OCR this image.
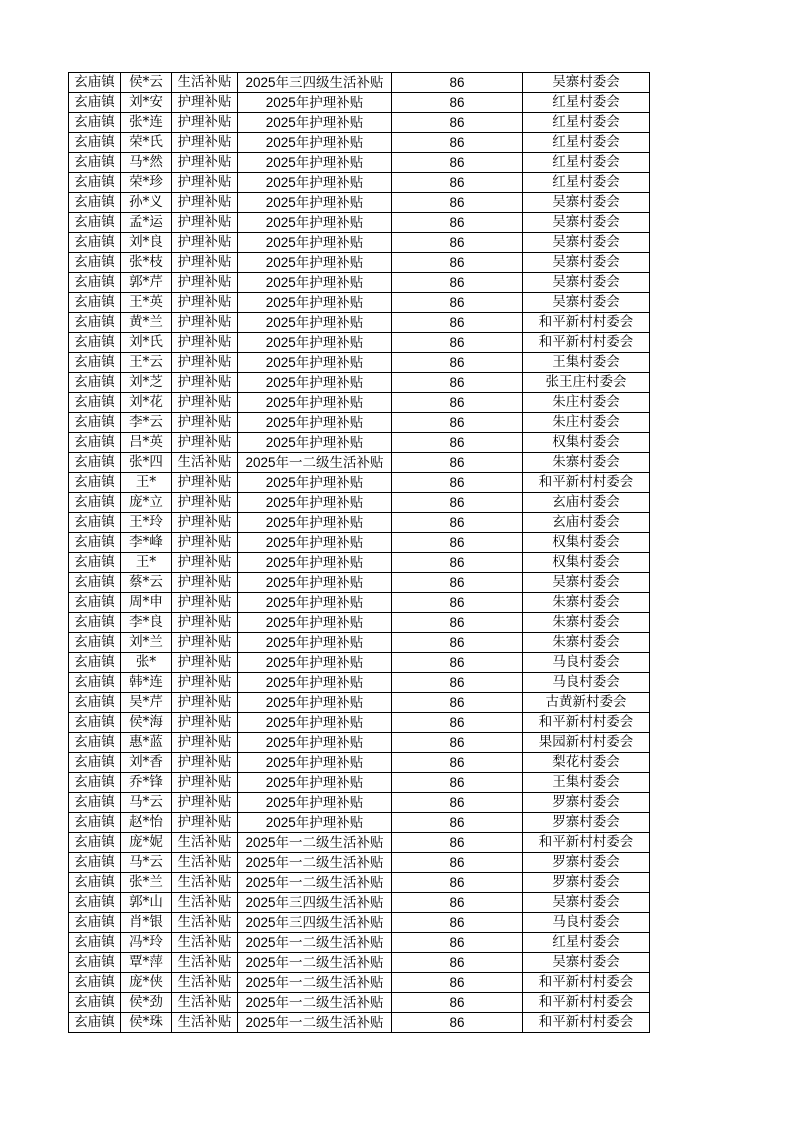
玄庙镇	侯*云	生活补贴	2025年三四级生活补贴	86	吴寨村委会
玄庙镇	刘*安	护理补贴	2025年护理补贴	86	红星村委会
玄庙镇	张*连	护理补贴	2025年护理补贴	86	红星村委会
玄庙镇	荣*氏	护理补贴	2025年护理补贴	86	红星村委会
玄庙镇	马*然	护理补贴	2025年护理补贴	86	红星村委会
玄庙镇	荣*珍	护理补贴	2025年护理补贴	86	红星村委会
玄庙镇	孙*义	护理补贴	2025年护理补贴	86	吴寨村委会
玄庙镇	孟*运	护理补贴	2025年护理补贴	86	吴寨村委会
玄庙镇	刘*良	护理补贴	2025年护理补贴	86	吴寨村委会
玄庙镇	张*枝	护理补贴	2025年护理补贴	86	吴寨村委会
玄庙镇	郭*芹	护理补贴	2025年护理补贴	86	吴寨村委会
玄庙镇	王*英	护理补贴	2025年护理补贴	86	吴寨村委会
玄庙镇	黄*兰	护理补贴	2025年护理补贴	86	和平新村村委会
玄庙镇	刘*氏	护理补贴	2025年护理补贴	86	和平新村村委会
玄庙镇	王*云	护理补贴	2025年护理补贴	86	王集村委会
玄庙镇	刘*芝	护理补贴	2025年护理补贴	86	张王庄村委会
玄庙镇	刘*花	护理补贴	2025年护理补贴	86	朱庄村委会
玄庙镇	李*云	护理补贴	2025年护理补贴	86	朱庄村委会
玄庙镇	吕*英	护理补贴	2025年护理补贴	86	权集村委会
玄庙镇	张*四	生活补贴	2025年一二级生活补贴	86	朱寨村委会
玄庙镇	王*	护理补贴	2025年护理补贴	86	和平新村村委会
玄庙镇	庞*立	护理补贴	2025年护理补贴	86	玄庙村委会
玄庙镇	王*玲	护理补贴	2025年护理补贴	86	玄庙村委会
玄庙镇	李*峰	护理补贴	2025年护理补贴	86	权集村委会
玄庙镇	王*	护理补贴	2025年护理补贴	86	权集村委会
玄庙镇	蔡*云	护理补贴	2025年护理补贴	86	吴寨村委会
玄庙镇	周*申	护理补贴	2025年护理补贴	86	朱寨村委会
玄庙镇	李*良	护理补贴	2025年护理补贴	86	朱寨村委会
玄庙镇	刘*兰	护理补贴	2025年护理补贴	86	朱寨村委会
玄庙镇	张*	护理补贴	2025年护理补贴	86	马良村委会
玄庙镇	韩*连	护理补贴	2025年护理补贴	86	马良村委会
玄庙镇	吴*芹	护理补贴	2025年护理补贴	86	古黄新村委会
玄庙镇	侯*海	护理补贴	2025年护理补贴	86	和平新村村委会
玄庙镇	惠*蓝	护理补贴	2025年护理补贴	86	果园新村村委会
玄庙镇	刘*香	护理补贴	2025年护理补贴	86	梨花村委会
玄庙镇	乔*锋	护理补贴	2025年护理补贴	86	王集村委会
玄庙镇	马*云	护理补贴	2025年护理补贴	86	罗寨村委会
玄庙镇	赵*怡	护理补贴	2025年护理补贴	86	罗寨村委会
玄庙镇	庞*妮	生活补贴	2025年一二级生活补贴	86	和平新村村委会
玄庙镇	马*云	生活补贴	2025年一二级生活补贴	86	罗寨村委会
玄庙镇	张*兰	生活补贴	2025年一二级生活补贴	86	罗寨村委会
玄庙镇	郭*山	生活补贴	2025年三四级生活补贴	86	吴寨村委会
玄庙镇	肖*银	生活补贴	2025年三四级生活补贴	86	马良村委会
玄庙镇	冯*玲	生活补贴	2025年一二级生活补贴	86	红星村委会
玄庙镇	覃*萍	生活补贴	2025年一二级生活补贴	86	吴寨村委会
玄庙镇	庞*侠	生活补贴	2025年一二级生活补贴	86	和平新村村委会
玄庙镇	侯*劲	生活补贴	2025年一二级生活补贴	86	和平新村村委会
玄庙镇	侯*珠	生活补贴	2025年一二级生活补贴	86	和平新村村委会
